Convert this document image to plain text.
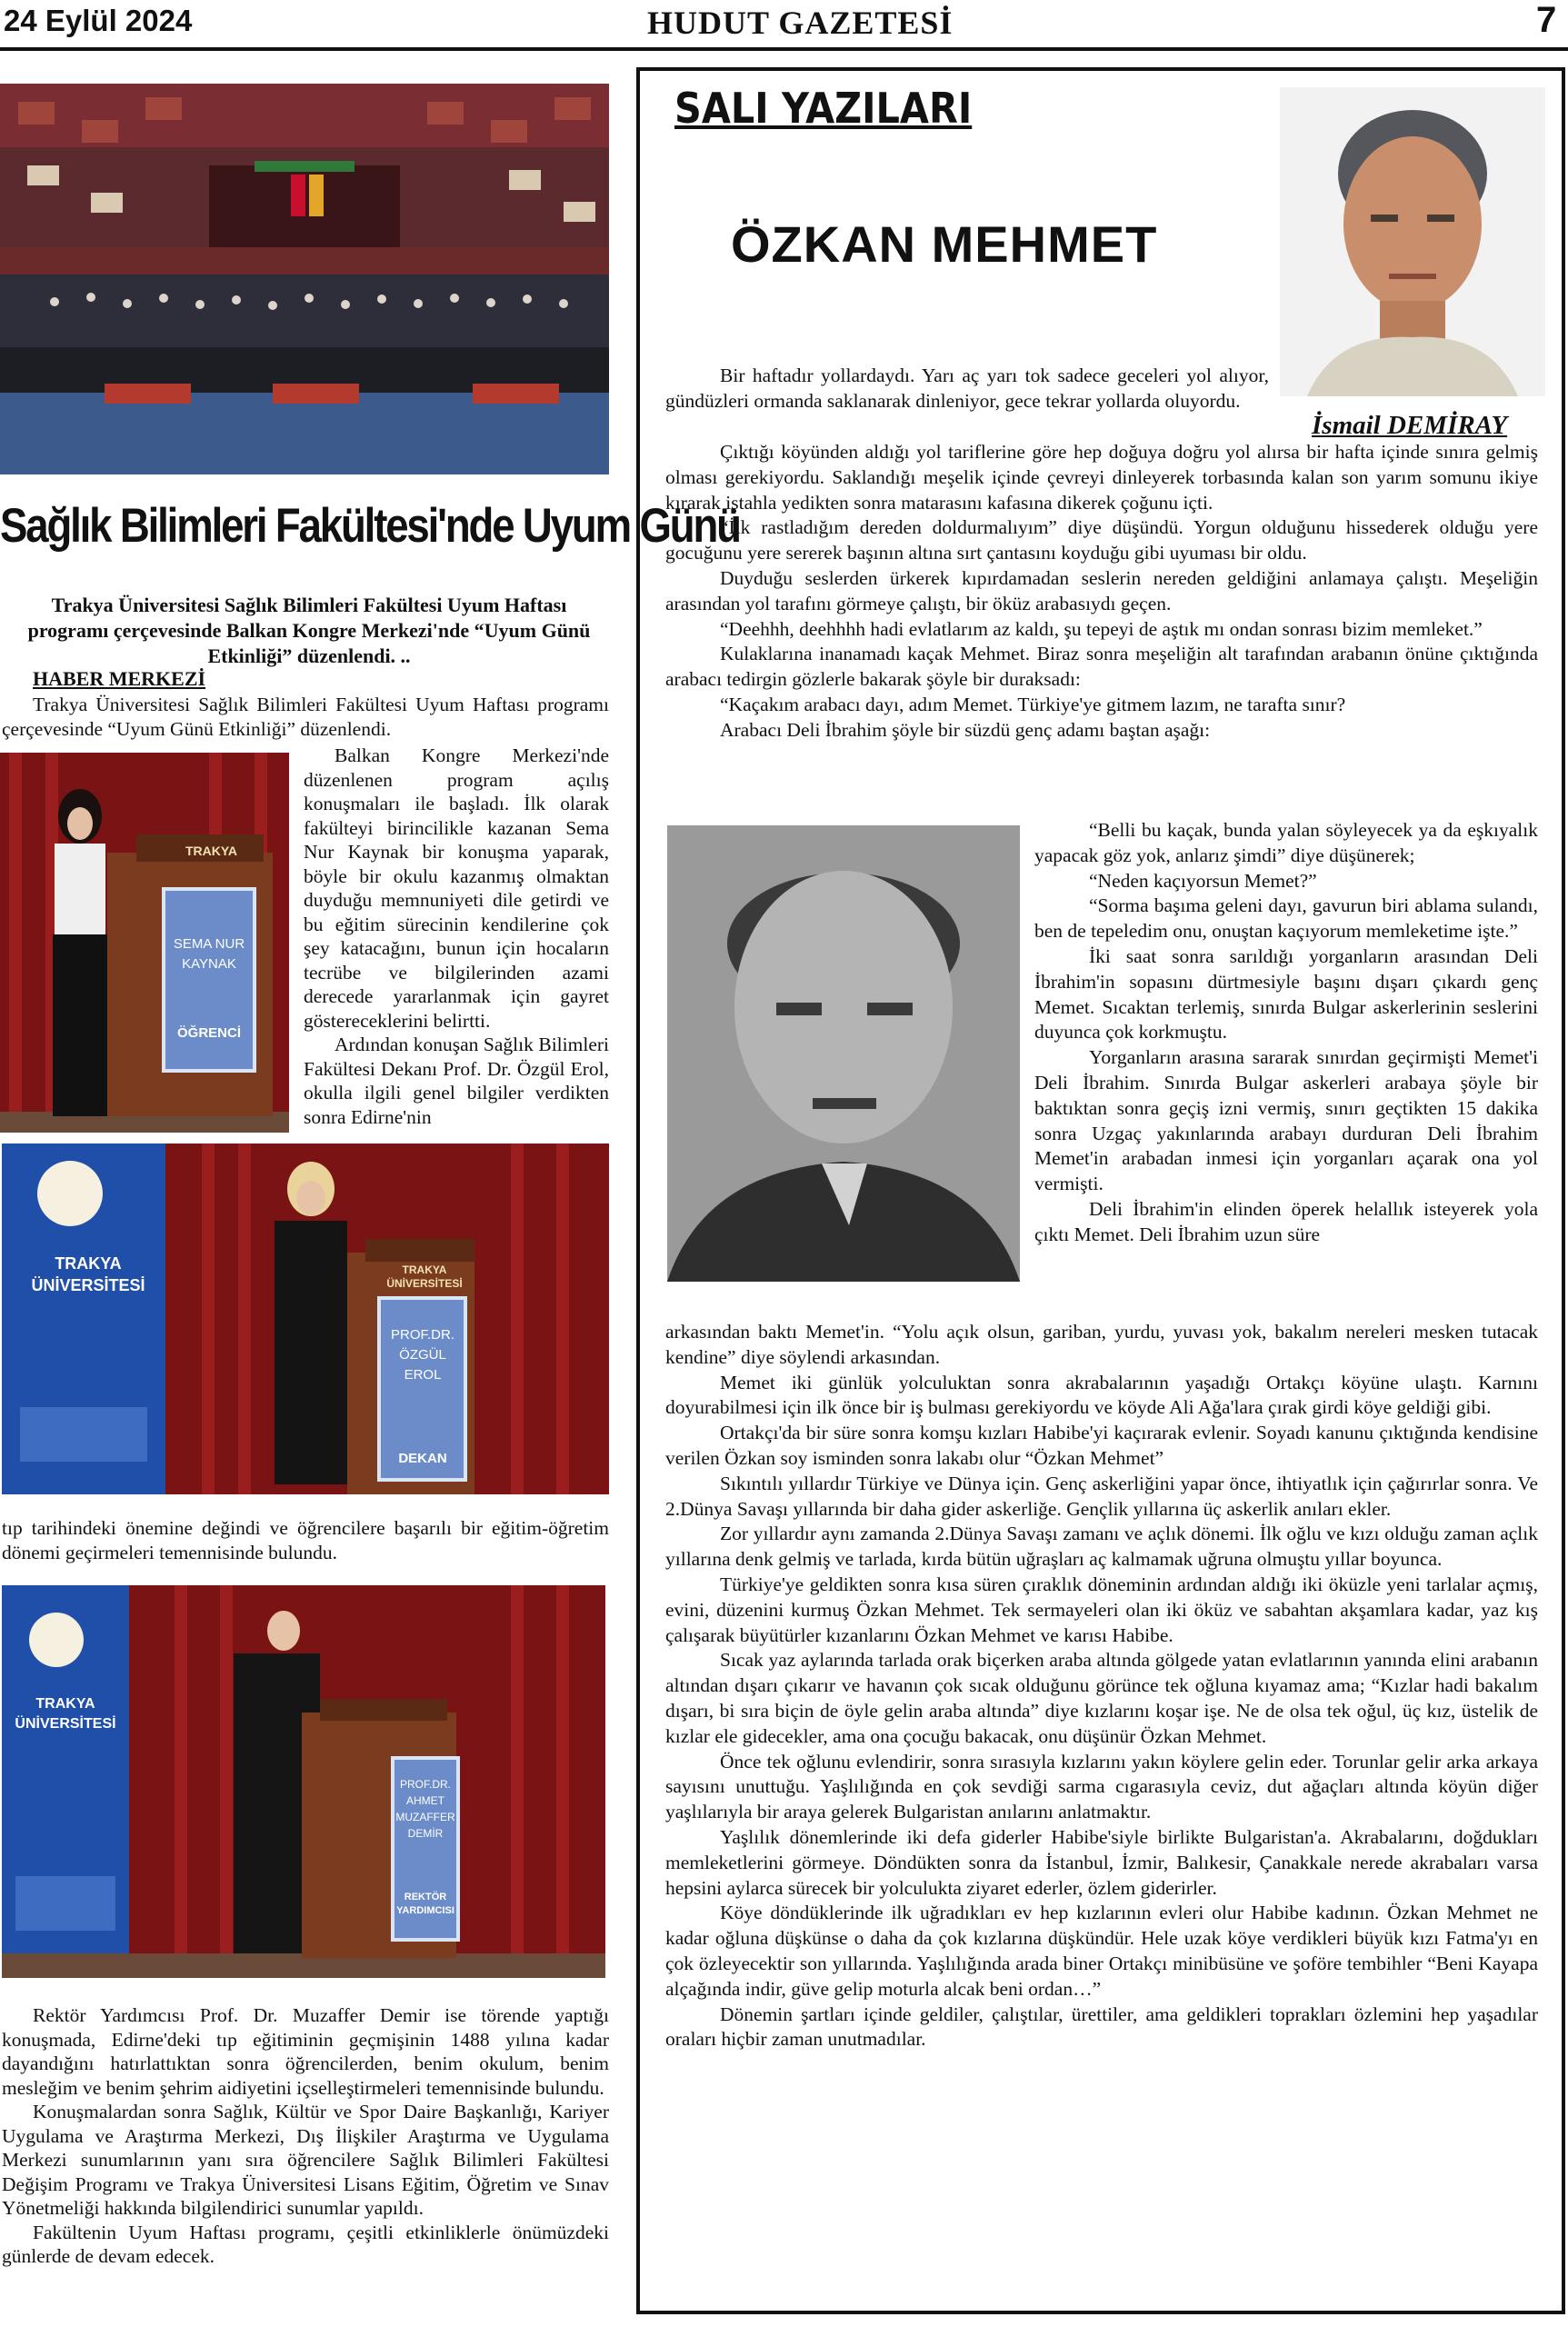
24 Eylül 2024	HUDUT GAZETESİ	7
Sağlık Bilimleri Fakültesi'nde Uyum Günü
Trakya Üniversitesi Sağlık Bilimleri Fakültesi Uyum Haftası programı çerçevesinde Balkan Kongre Merkezi'nde “Uyum Günü Etkinliği” düzenlendi. ..
HABER MERKEZİ

Trakya Üniversitesi Sağlık Bilimleri Fakültesi Uyum Haftası programı çerçevesinde “Uyum Günü Etkinliği” düzenlendi.

TRAKYA
SEMA NUR KAYNAK
ÖĞRENCİ

Balkan Kongre Merkezi'nde düzenlenen program açılış konuşmaları ile başladı. İlk olarak fakülteyi birincilikle kazanan Sema Nur Kaynak bir konuşma yaparak, böyle bir okulu kazanmış olmaktan duyduğu memnuniyeti dile getirdi ve bu eğitim sürecinin kendilerine çok şey katacağını, bunun için hocaların tecrübe ve bilgilerinden azami derecede yararlanmak için gayret göstereceklerini belirtti.

Ardından konuşan Sağlık Bilimleri Fakültesi Dekanı Prof. Dr. Özgül Erol, okulla ilgili genel bilgiler verdikten sonra Edirne'nin

TRAKYA ÜNİVERSİTESİ
TRAKYA ÜNİVERSİTESİ
PROF.DR. ÖZGÜL EROL
DEKAN

tıp tarihindeki önemine değindi ve öğrencilere başarılı bir eğitim-öğretim dönemi geçirmeleri temennisinde bulundu.

TRAKYA ÜNİVERSİTESİ
PROF.DR. AHMET MUZAFFER DEMİR
REKTÖR YARDIMCISI

Rektör Yardımcısı Prof. Dr. Muzaffer Demir ise törende yaptığı konuşmada, Edirne'deki tıp eğitiminin geçmişinin 1488 yılına kadar dayandığını hatırlattıktan sonra öğrencilerden, benim okulum, benim mesleğim ve benim şehrim aidiyetini içselleştirmeleri temennisinde bulundu.

Konuşmalardan sonra Sağlık, Kültür ve Spor Daire Başkanlığı, Kariyer Uygulama ve Araştırma Merkezi, Dış İlişkiler Araştırma ve Uygulama Merkezi sunumlarının yanı sıra öğrencilere Sağlık Bilimleri Fakültesi Değişim Programı ve Trakya Üniversitesi Lisans Eğitim, Öğretim ve Sınav Yönetmeliği hakkında bilgilendirici sunumlar yapıldı.

Fakültenin Uyum Haftası programı, çeşitli etkinliklerle önümüzdeki günlerde de devam edecek.

SALI YAZILARI
ÖZKAN MEHMET
İsmail DEMİRAY

Bir haftadır yollardaydı. Yarı aç yarı tok sadece geceleri yol alıyor, gündüzleri ormanda saklanarak dinleniyor, gece tekrar yollarda oluyordu.

Çıktığı köyünden aldığı yol tariflerine göre hep doğuya doğru yol alırsa bir hafta içinde sınıra gelmiş olması gerekiyordu. Saklandığı meşelik içinde çevreyi dinleyerek torbasında kalan son yarım somunu ikiye kırarak iştahla yedikten sonra matarasını kafasına dikerek çoğunu içti.

“İlk rastladığım dereden doldurmalıyım” diye düşündü. Yorgun olduğunu hissederek olduğu yere gocuğunu yere sererek başının altına sırt çantasını koyduğu gibi uyuması bir oldu.

Duyduğu seslerden ürkerek kıpırdamadan seslerin nereden geldiğini anlamaya çalıştı. Meşeliğin arasından yol tarafını görmeye çalıştı, bir öküz arabasıydı geçen.

“Deehhh, deehhhh hadi evlatlarım az kaldı, şu tepeyi de aştık mı ondan sonrası bizim memleket.”

Kulaklarına inanamadı kaçak Mehmet. Biraz sonra meşeliğin alt tarafından arabanın önüne çıktığında arabacı tedirgin gözlerle bakarak şöyle bir duraksadı:

“Kaçakım arabacı dayı, adım Memet. Türkiye'ye gitmem lazım, ne tarafta sınır?

Arabacı Deli İbrahim şöyle bir süzdü genç adamı baştan aşağı:

“Belli bu kaçak, bunda yalan söyleyecek ya da eşkıyalık yapacak göz yok, anlarız şimdi” diye düşünerek;

“Neden kaçıyorsun Memet?”

“Sorma başıma geleni dayı, gavurun biri ablama sulandı, ben de tepeledim onu, onuştan kaçıyorum memleketime işte.”

İki saat sonra sarıldığı yorganların arasından Deli İbrahim'in sopasını dürtmesiyle başını dışarı çıkardı genç Memet. Sıcaktan terlemiş, sınırda Bulgar askerlerinin seslerini duyunca çok korkmuştu.

Yorganların arasına sararak sınırdan geçirmişti Memet'i Deli İbrahim. Sınırda Bulgar askerleri arabaya şöyle bir baktıktan sonra geçiş izni vermiş, sınırı geçtikten 15 dakika sonra Uzgaç yakınlarında arabayı durduran Deli İbrahim Memet'in arabadan inmesi için yorganları açarak ona yol vermişti.

Deli İbrahim'in elinden öperek helallık isteyerek yola çıktı Memet. Deli İbrahim uzun süre

arkasından baktı Memet'in. “Yolu açık olsun, gariban, yurdu, yuvası yok, bakalım nereleri mesken tutacak kendine” diye söylendi arkasından.

Memet iki günlük yolculuktan sonra akrabalarının yaşadığı Ortakçı köyüne ulaştı. Karnını doyurabilmesi için ilk önce bir iş bulması gerekiyordu ve köyde Ali Ağa'lara çırak girdi köye geldiği gibi.

Ortakçı'da bir süre sonra komşu kızları Habibe'yi kaçırarak evlenir. Soyadı kanunu çıktığında kendisine verilen Özkan soy isminden sonra lakabı olur “Özkan Mehmet”

Sıkıntılı yıllardır Türkiye ve Dünya için. Genç askerliğini yapar önce, ihtiyatlık için çağırırlar sonra. Ve 2.Dünya Savaşı yıllarında bir daha gider askerliğe. Gençlik yıllarına üç askerlik anıları ekler.

Zor yıllardır aynı zamanda 2.Dünya Savaşı zamanı ve açlık dönemi. İlk oğlu ve kızı olduğu zaman açlık yıllarına denk gelmiş ve tarlada, kırda bütün uğraşları aç kalmamak uğruna olmuştu yıllar boyunca.

Türkiye'ye geldikten sonra kısa süren çıraklık döneminin ardından aldığı iki öküzle yeni tarlalar açmış, evini, düzenini kurmuş Özkan Mehmet. Tek sermayeleri olan iki öküz ve sabahtan akşamlara kadar, yaz kış çalışarak büyütürler kızanlarını Özkan Mehmet ve karısı Habibe.

Sıcak yaz aylarında tarlada orak biçerken araba altında gölgede yatan evlatlarının yanında elini arabanın altından dışarı çıkarır ve havanın çok sıcak olduğunu görünce tek oğluna kıyamaz ama; “Kızlar hadi bakalım dışarı, bi sıra biçin de öyle gelin araba altında” diye kızlarını koşar işe. Ne de olsa tek oğul, üç kız, üstelik de kızlar ele gidecekler, ama ona çocuğu bakacak, onu düşünür Özkan Mehmet.

Önce tek oğlunu evlendirir, sonra sırasıyla kızlarını yakın köylere gelin eder. Torunlar gelir arka arkaya sayısını unuttuğu. Yaşlılığında en çok sevdiği sarma cıgarasıyla ceviz, dut ağaçları altında köyün diğer yaşlılarıyla bir araya gelerek Bulgaristan anılarını anlatmaktır.

Yaşlılık dönemlerinde iki defa giderler Habibe'siyle birlikte Bulgaristan'a. Akrabalarını, doğdukları memleketlerini görmeye. Döndükten sonra da İstanbul, İzmir, Balıkesir, Çanakkale nerede akrabaları varsa hepsini aylarca sürecek bir yolculukta ziyaret ederler, özlem giderirler.

Köye döndüklerinde ilk uğradıkları ev hep kızlarının evleri olur Habibe kadının. Özkan Mehmet ne kadar oğluna düşkünse o daha da çok kızlarına düşkündür. Hele uzak köye verdikleri büyük kızı Fatma'yı en çok özleyecektir son yıllarında. Yaşlılığında arada biner Ortakçı minibüsüne ve şoföre tembihler “Beni Kayapa alçağında indir, güve gelip moturla alcak beni ordan…”

Dönemin şartları içinde geldiler, çalıştılar, ürettiler, ama geldikleri toprakları özlemini hep yaşadılar oraları hiçbir zaman unutmadılar.
